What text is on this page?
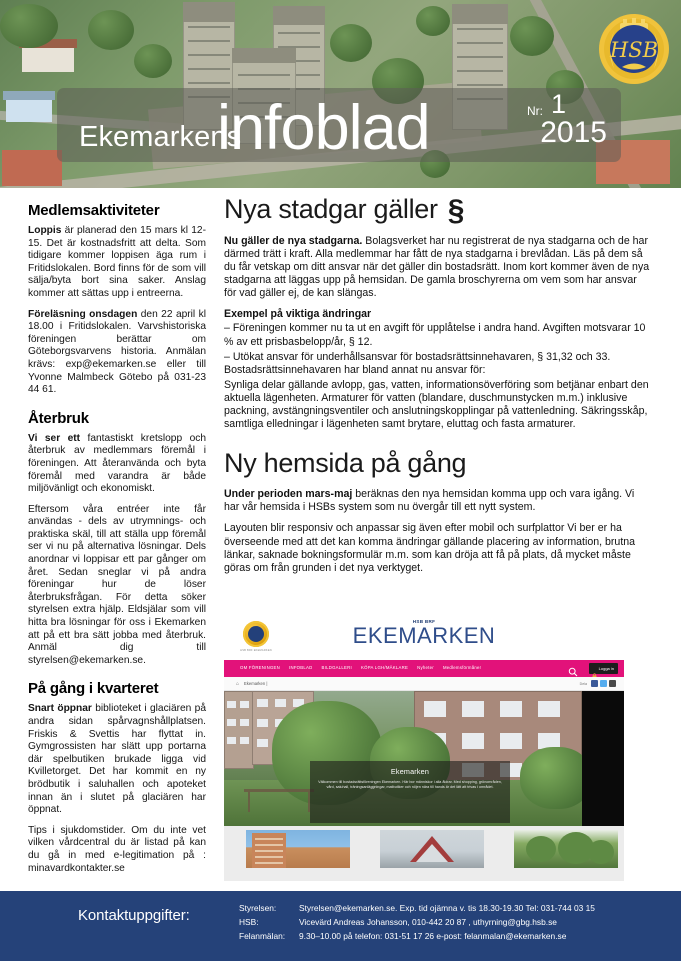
Ekemarkens
infoblad	Nr: 1
2015
HSB
Medlemsaktiviteter

Loppis är planerad den 15 mars kl 12-15. Det är kostnadsfritt att delta. Som tidigare kommer loppisen äga rum i Fritidslokalen. Bord finns för de som vill sälja/byta bort sina saker. Anslag kommer att sättas upp i entreerna.

Föreläsning onsdagen den 22 april kl 18.00 i Fritidslokalen. Varvshistoriska föreningen berättar om Göteborgsvarvens historia. Anmälan krävs: exp@ekemarken.se eller till Yvonne Malmbeck Götebo på 031-23 44 61.

Återbruk

Vi ser ett fantastiskt kretslopp och återbruk av medlemmars föremål i föreningen. Att återanvända och byta föremål med varandra är både miljövänligt och ekonomiskt.

Eftersom våra entréer inte får användas - dels av utrymnings- och praktiska skäl, till att ställa upp föremål ser vi nu på alternativa lösningar. Dels anordnar vi loppisar ett par gånger om året. Sedan sneglar vi på andra föreningar hur de löser återbruksfrågan. För detta söker styrelsen extra hjälp. Eldsjälar som vill hitta bra lösningar för oss i Ekemarken att på ett bra sätt jobba med återbruk. Anmäl dig till styrelsen@ekemarken.se.

På gång i kvarteret

Snart öppnar biblioteket i glaciären på andra sidan spårvagnshållplatsen. Friskis & Svettis har flyttat in. Gymgrossisten har slätt upp portarna där spelbutiken brukade ligga vid Kvilletorget. Det har kommit en ny brödbutik i saluhallen och apoteket innan än i slutet på glaciären har öppnat.

Tips i sjukdomstider. Om du inte vet vilken vårdcentral du är listad på kan du gå in med e-legitimation på : minavardkontakter.se

Nya stadgar gäller §

Nu gäller de nya stadgarna. Bolagsverket har nu registrerat de nya stadgarna och de har därmed trätt i kraft. Alla medlemmar har fått de nya stadgarna i brevlådan. Läs på dem så du får vetskap om ditt ansvar när det gäller din bostadsrätt. Inom kort kommer även de nya stadgarna att läggas upp på hemsidan. De gamla broschyrerna om vem som har ansvar för vad gäller ej, de kan slängas.

Exempel på viktiga ändringar

– Föreningen kommer nu ta ut en avgift för upplåtelse i andra hand. Avgiften motsvarar 10 % av ett prisbasbelopp/år, § 12.

– Utökat ansvar för underhållsansvar för bostadsrättsinnehavaren, § 31,32 och 33. Bostadsrättsinnehavaren har bland annat nu ansvar för:

Synliga delar gällande avlopp, gas, vatten, informationsöverföring som betjänar enbart den aktuella lägenheten. Armaturer för vatten (blandare, duschmunstycken m.m.) inklusive packning, avstängningsventiler och anslutningskopplingar på vattenledning. Säkringsskåp, samtliga elledningar i lägenheten samt brytare, eluttag och fasta armaturer.

Ny hemsida på gång

Under perioden mars-maj beräknas den nya hemsidan komma upp och vara igång. Vi har vår hemsida i HSBs system som nu övergår till ett nytt system.

Layouten blir responsiv och anpassar sig även efter mobil och surfplattor Vi ber er ha överseende med att det kan komma ändringar gällande placering av information, brutna länkar, saknade bokningsformulär m.m. som kan dröja att få på plats, då mycket måste göras om från grunden i det nya verktyget.

HSB BRF EKEMARKEN
HSB BRF
EKEMARKEN
OM FÖRENINGEN INFOBLAD BILDGALLERI KÖPA LGH/MÄKLARE Nyheter Medlemsförmåner	Logga in
⌂ Ekemarken |	Dela
Ekemarken
Välkommen till bostadsrättsföreningen Ekemarken. Här bor människor i alla åldrar. Med shopping, grönområden, vård, saluhall, träningsanläggningar, matbutiker och nöjen nära till hands är det lätt att trivas i området.
Kontaktuppgifter:	Styrelsen:	Styrelsen@ekemarken.se. Exp. tid ojämna v. tis 18.30-19.30 Tel: 031-744 03 15
HSB:	Vicevärd Andreas Johansson, 010-442 20 87 , uthyrning@gbg.hsb.se
Felanmälan:	9.30–10.00 på telefon: 031-51 17 26 e-post: felanmalan@ekemarken.se
